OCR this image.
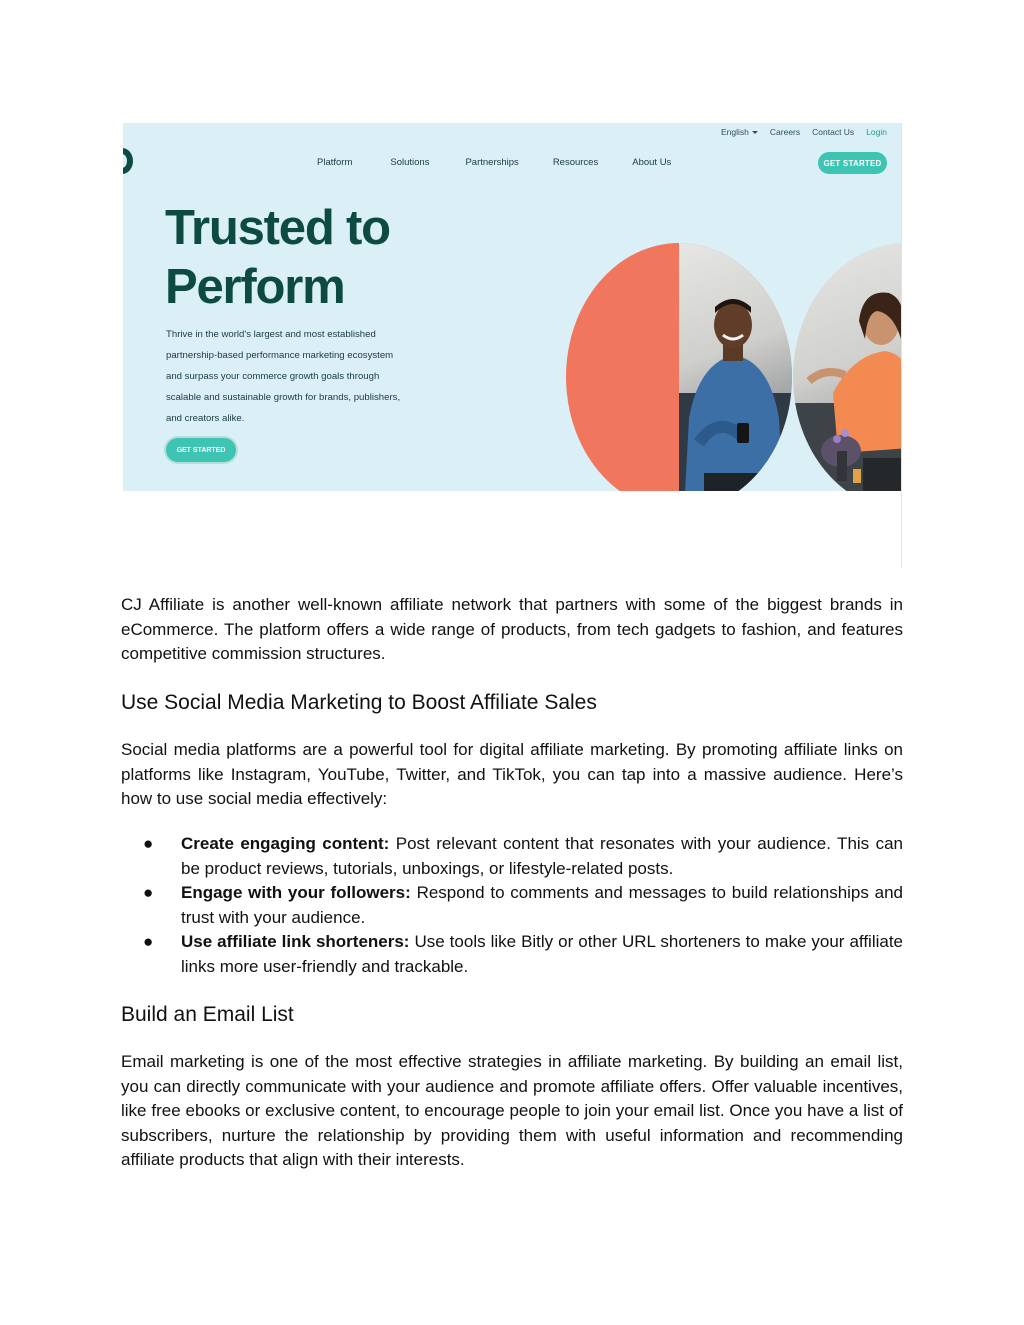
English	Careers Contact Us Login
Platform	Solutions	Partnerships	Resources	About Us	GET STARTED
Trusted to
Perform
Thrive in the world's largest and most established partnership-based performance marketing ecosystem and surpass your commerce growth goals through scalable and sustainable growth for brands, publishers, and creators alike.
GET STARTED

CJ Affiliate is another well-known affiliate network that partners with some of the biggest brands in eCommerce. The platform offers a wide range of products, from tech gadgets to fashion, and features competitive commission structures.

Use Social Media Marketing to Boost Affiliate Sales

Social media platforms are a powerful tool for digital affiliate marketing. By promoting affiliate links on platforms like Instagram, YouTube, Twitter, and TikTok, you can tap into a massive audience. Here’s how to use social media effectively:

● Create engaging content: Post relevant content that resonates with your audience. This can be product reviews, tutorials, unboxings, or lifestyle-related posts.
● Engage with your followers: Respond to comments and messages to build relationships and trust with your audience.
● Use affiliate link shorteners: Use tools like Bitly or other URL shorteners to make your affiliate links more user-friendly and trackable.
Build an Email List

Email marketing is one of the most effective strategies in affiliate marketing. By building an email list, you can directly communicate with your audience and promote affiliate offers. Offer valuable incentives, like free ebooks or exclusive content, to encourage people to join your email list. Once you have a list of subscribers, nurture the relationship by providing them with useful information and recommending affiliate products that align with their interests.
